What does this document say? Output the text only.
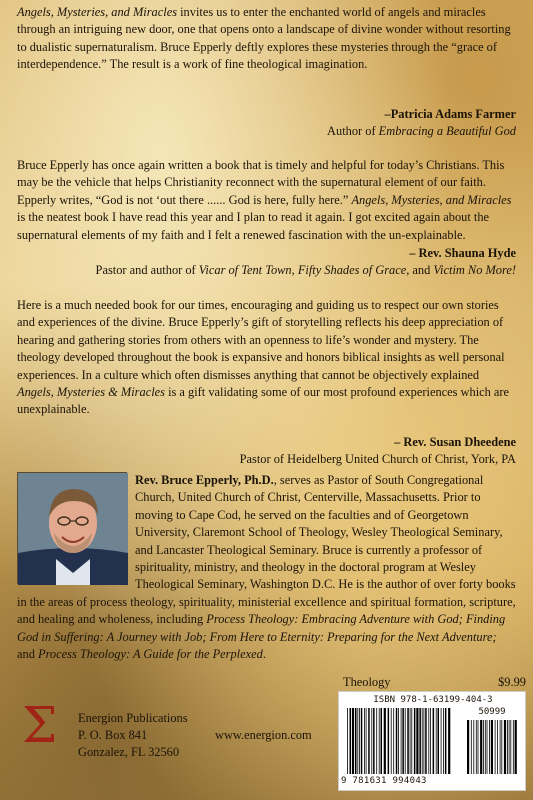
Angels, Mysteries, and Miracles invites us to enter the enchanted world of angels and miracles through an intriguing new door, one that opens onto a landscape of divine wonder without resorting to dualistic supernaturalism. Bruce Epperly deftly explores these mysteries through the “grace of interdependence.” The result is a work of fine theological imagination.

–Patricia Adams Farmer
Author of Embracing a Beautiful God

Bruce Epperly has once again written a book that is timely and helpful for today’s Christians. This may be the vehicle that helps Christianity reconnect with the supernatural element of our faith. Epperly writes, “God is not ‘out there ...... God is here, fully here.” Angels, Mysteries, and Miracles is the neatest book I have read this year and I plan to read it again. I got excited again about the supernatural elements of my faith and I felt a renewed fascination with the un-explainable.

– Rev. Shauna Hyde
Pastor and author of Vicar of Tent Town, Fifty Shades of Grace, and Victim No More!

Here is a much needed book for our times, encouraging and guiding us to respect our own stories and experiences of the divine. Bruce Epperly’s gift of storytelling reflects his deep appreciation of hearing and gathering stories from others with an openness to life’s wonder and mystery. The theology developed throughout the book is expansive and honors biblical insights as well personal experiences. In a culture which often dismisses anything that cannot be objectively explained Angels, Mysteries & Miracles is a gift validating some of our most profound experiences which are unexplainable.

– Rev. Susan Dheedene
Pastor of Heidelberg United Church of Christ, York, PA
Rev. Bruce Epperly, Ph.D., serves as Pastor of South Congregational Church, United Church of Christ, Centerville, Massachusetts. Prior to moving to Cape Cod, he served on the faculties and of Georgetown University, Claremont School of Theology, Wesley Theological Seminary, and Lancaster Theological Seminary. Bruce is currently a professor of spirituality, ministry, and theology in the doctoral program at Wesley Theological Seminary, Washington D.C. He is the author of over forty books in the areas of process theology, spirituality, ministerial excellence and spiritual formation, scripture, and healing and wholeness, including Process Theology: Embracing Adventure with God; Finding God in Suffering: A Journey with Job; From Here to Eternity: Preparing for the Next Adventure; and Process Theology: A Guide for the Perplexed.
Σ Energion Publications
P. O. Box 841
Gonzalez, FL 32560
www.energion.com
Theology	$9.99
ISBN 978-1-63199-404-3
50999
9 781631 994043
